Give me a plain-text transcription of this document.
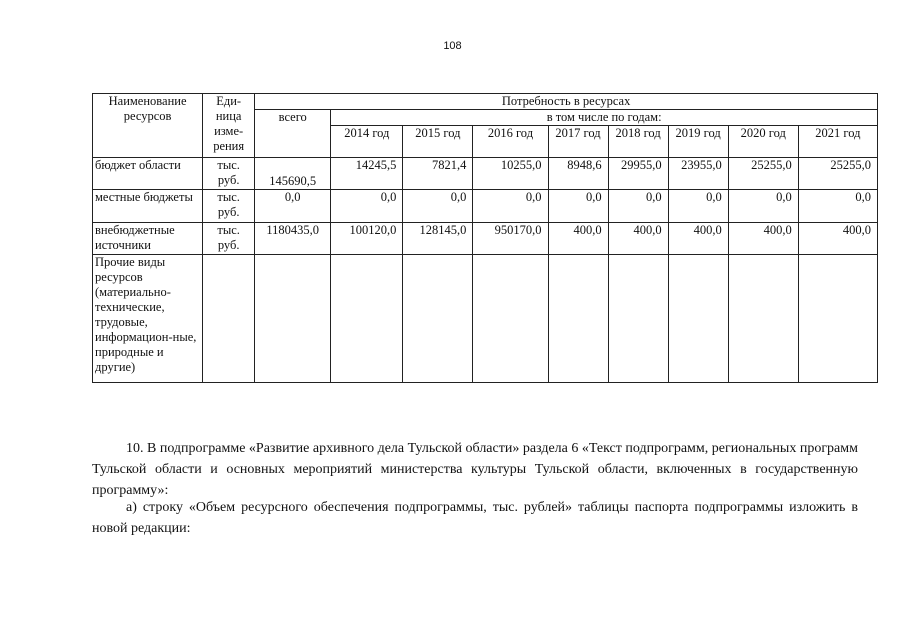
108
Наименование ресурсов	Еди-ница изме-рения	Потребность в ресурсах								
		всего	в том числе по годам:							
			2014 год	2015 год	2016 год	2017 год	2018 год	2019 год	2020 год	2021 год
бюджет области	тыс. руб.	145690,5	14245,5	7821,4	10255,0	8948,6	29955,0	23955,0	25255,0	25255,0
местные бюджеты	тыс. руб.	0,0	0,0	0,0	0,0	0,0	0,0	0,0	0,0	0,0
внебюджетные источники	тыс. руб.	1180435,0	100120,0	128145,0	950170,0	400,0	400,0	400,0	400,0	400,0
Прочие виды ресурсов (материально-технические, трудовые, информацион-ные, природные и другие)										

10. В подпрограмме «Развитие архивного дела Тульской области» раздела 6 «Текст подпрограмм, региональных программ Тульской области и основных мероприятий министерства культуры Тульской области, включенных в государственную программу»:

а) строку «Объем ресурсного обеспечения подпрограммы, тыс. рублей» таблицы паспорта подпрограммы изложить в новой редакции:
